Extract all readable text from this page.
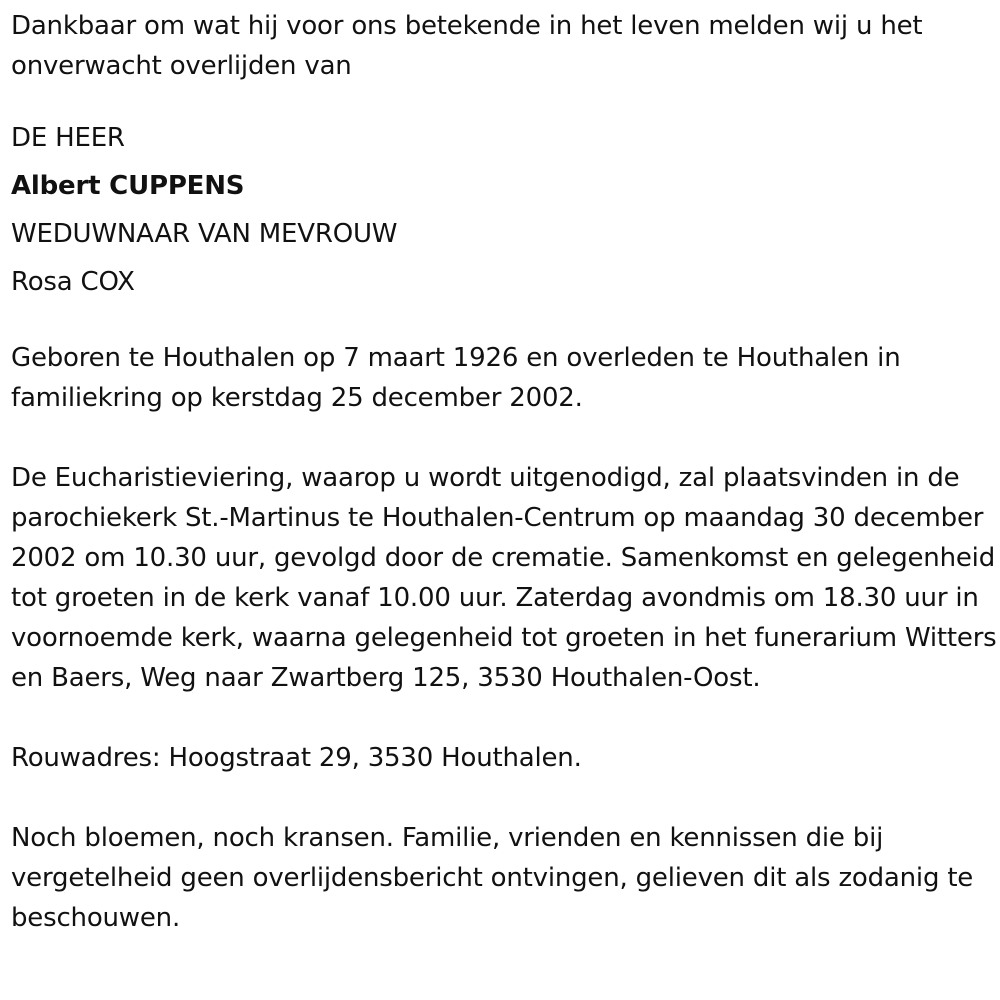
Dankbaar om wat hij voor ons betekende in het leven melden wij u het onverwacht overlijden van

DE HEER
Albert CUPPENS
WEDUWNAAR VAN MEVROUW
Rosa COX

Geboren te Houthalen op 7 maart 1926 en overleden te Houthalen in familiekring op kerstdag 25 december 2002.

De Eucharistieviering, waarop u wordt uitgenodigd, zal plaatsvinden in de parochiekerk St.-Martinus te Houthalen-Centrum op maandag 30 december 2002 om 10.30 uur, gevolgd door de crematie. Samenkomst en gelegenheid tot groeten in de kerk vanaf 10.00 uur. Zaterdag avondmis om 18.30 uur in voornoemde kerk, waarna gelegenheid tot groeten in het funerarium Witters en Baers, Weg naar Zwartberg 125, 3530 Houthalen-Oost.

Rouwadres: Hoogstraat 29, 3530 Houthalen.

Noch bloemen, noch kransen. Familie, vrienden en kennissen die bij vergetelheid geen overlijdensbericht ontvingen, gelieven dit als zodanig te beschouwen.
